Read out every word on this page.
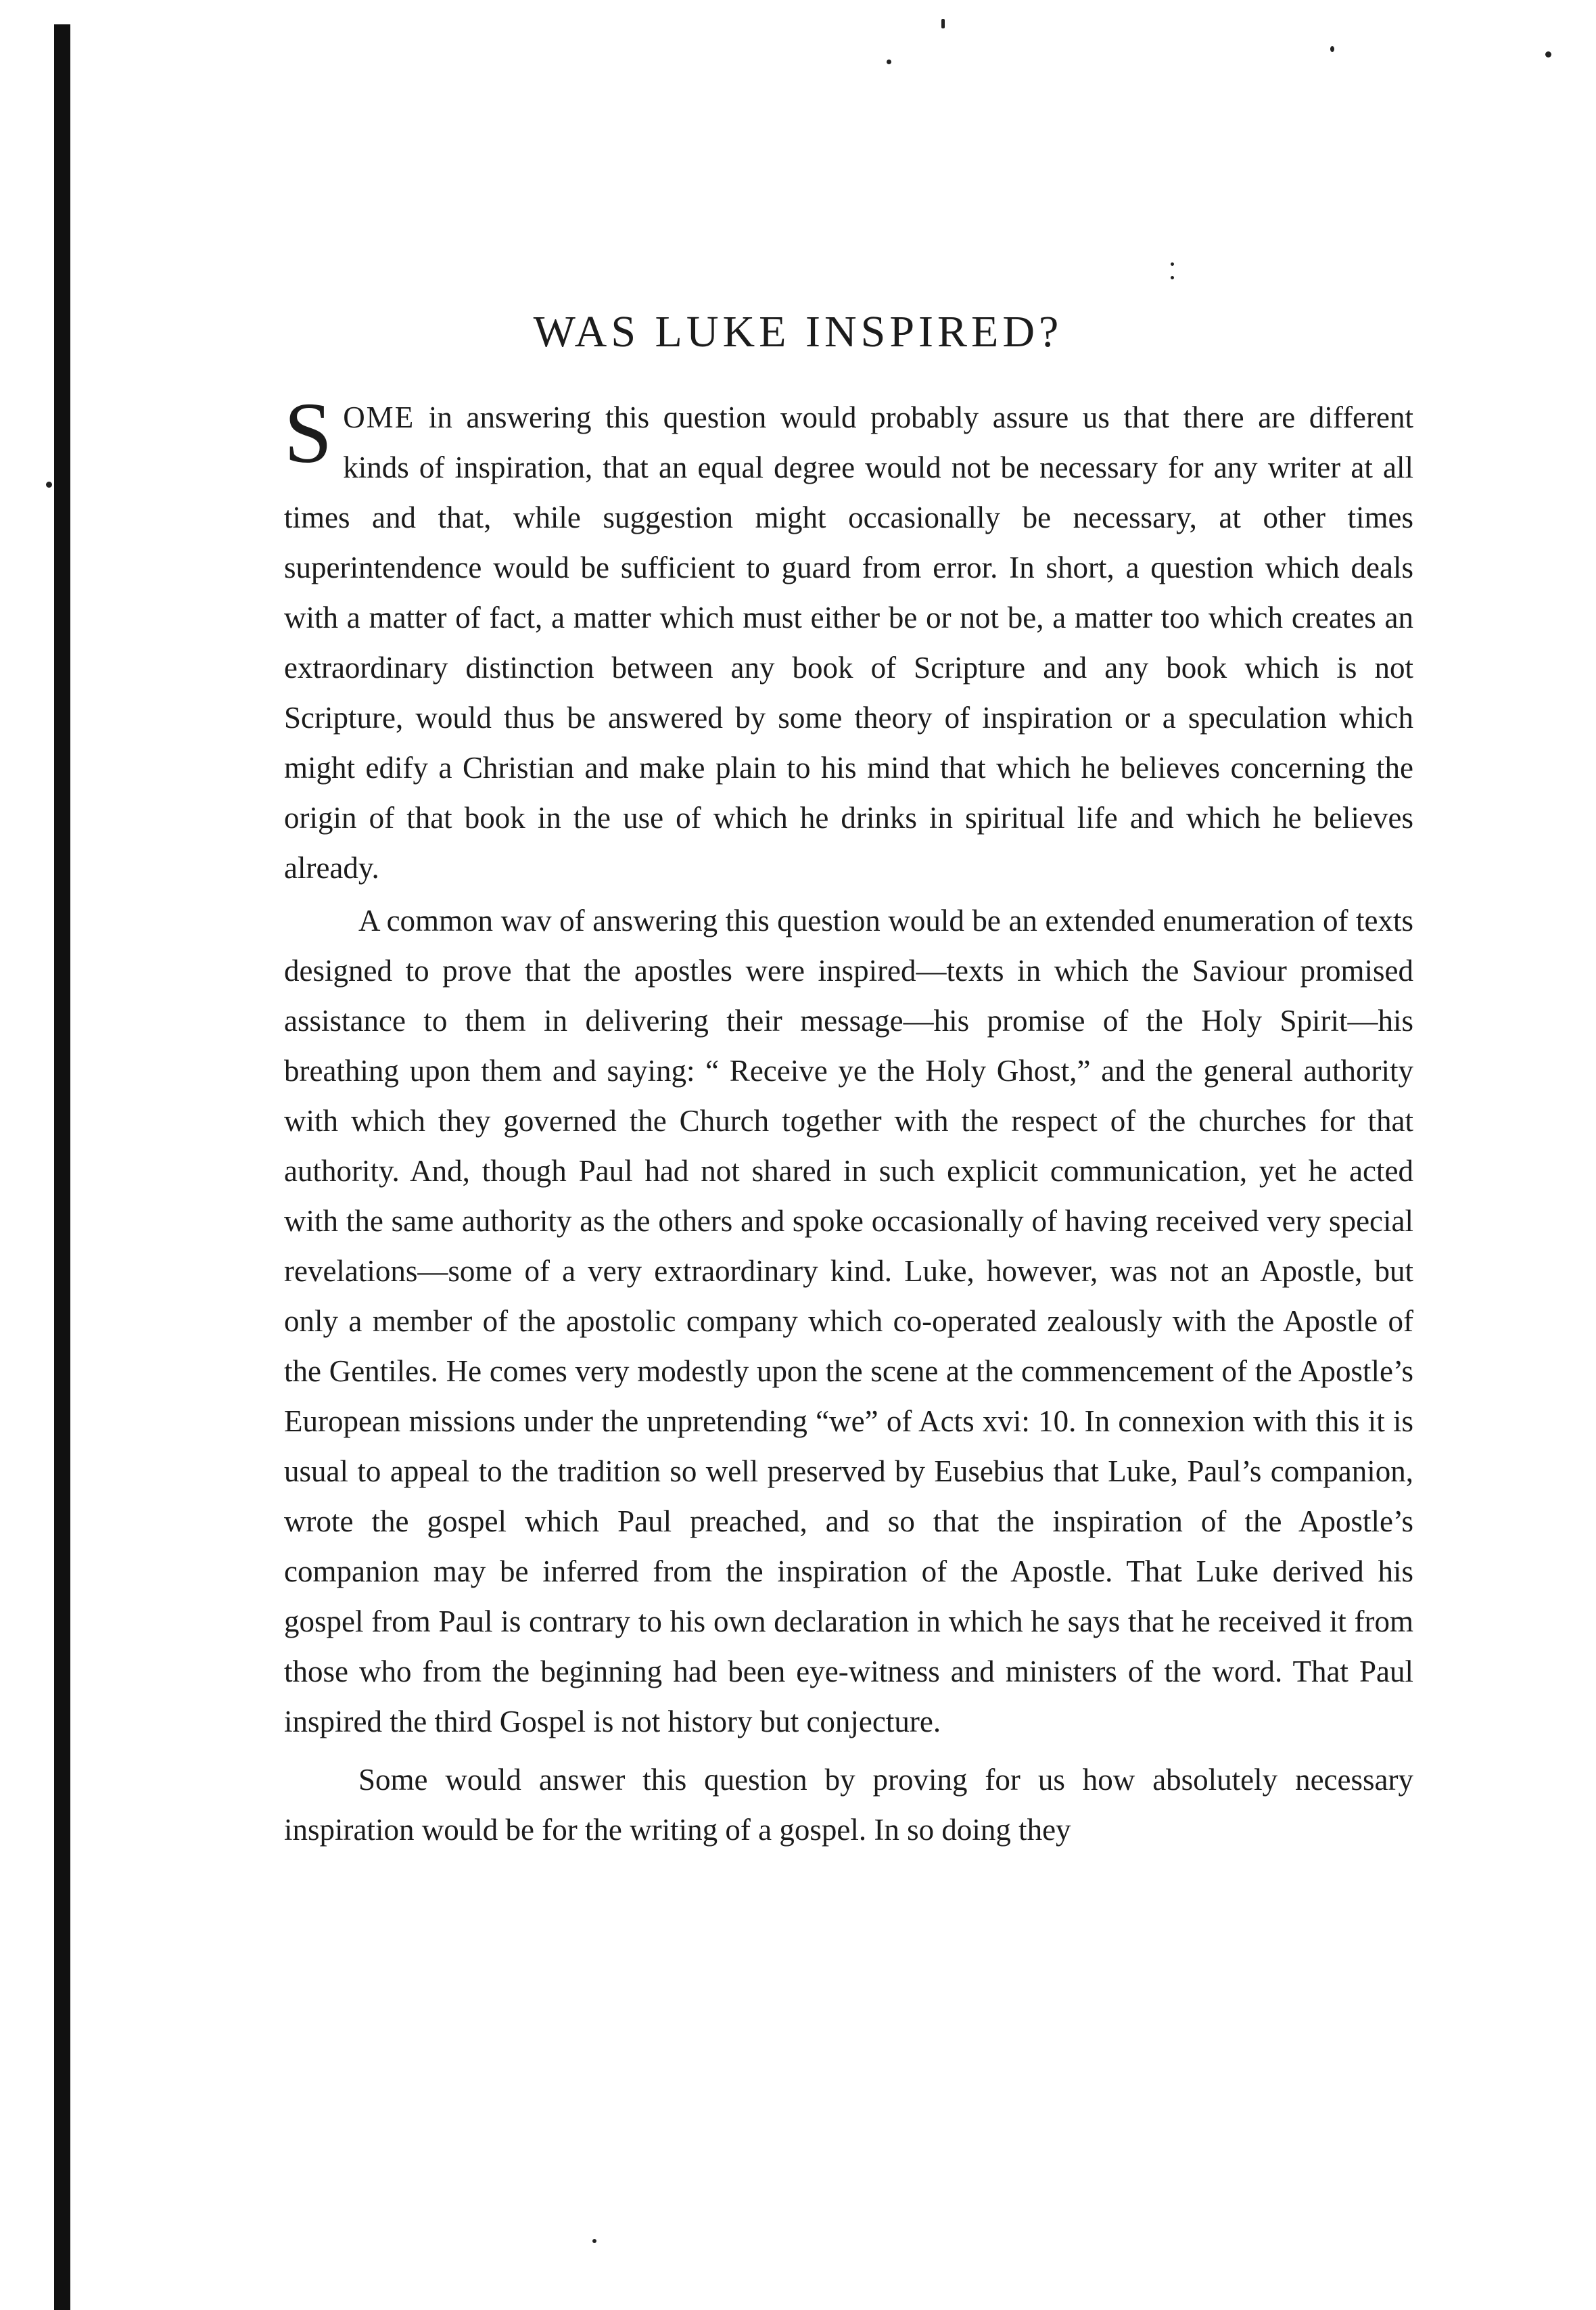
WAS LUKE INSPIRED?

SOME in answering this question would probably assure us that there are different kinds of inspiration, that an equal degree would not be necessary for any writer at all times and that, while suggestion might occasionally be necessary, at other times superintendence would be sufficient to guard from error. In short, a question which deals with a matter of fact, a matter which must either be or not be, a matter too which creates an extraordinary distinction between any book of Scripture and any book which is not Scripture, would thus be answered by some theory of inspiration or a speculation which might edify a Christian and make plain to his mind that which he believes concerning the origin of that book in the use of which he drinks in spiritual life and which he believes already.

A common wav of answering this question would be an extended enumeration of texts designed to prove that the apostles were inspired—texts in which the Saviour promised assistance to them in delivering their message—his promise of the Holy Spirit—his breathing upon them and saying: “ Receive ye the Holy Ghost,” and the general authority with which they governed the Church together with the respect of the churches for that authority. And, though Paul had not shared in such explicit communication, yet he acted with the same authority as the others and spoke occasionally of having received very special revelations—some of a very extraordinary kind. Luke, however, was not an Apostle, but only a member of the apostolic company which co-operated zealously with the Apostle of the Gentiles. He comes very modestly upon the scene at the commencement of the Apostle’s European missions under the unpretending “we” of Acts xvi: 10. In connexion with this it is usual to appeal to the tradition so well preserved by Eusebius that Luke, Paul’s companion, wrote the gospel which Paul preached, and so that the inspiration of the Apostle’s companion may be inferred from the inspiration of the Apostle. That Luke derived his gospel from Paul is contrary to his own declaration in which he says that he received it from those who from the beginning had been eye-witness and ministers of the word. That Paul inspired the third Gospel is not history but conjecture.

Some would answer this question by proving for us how absolutely necessary inspiration would be for the writing of a gospel. In so doing they
